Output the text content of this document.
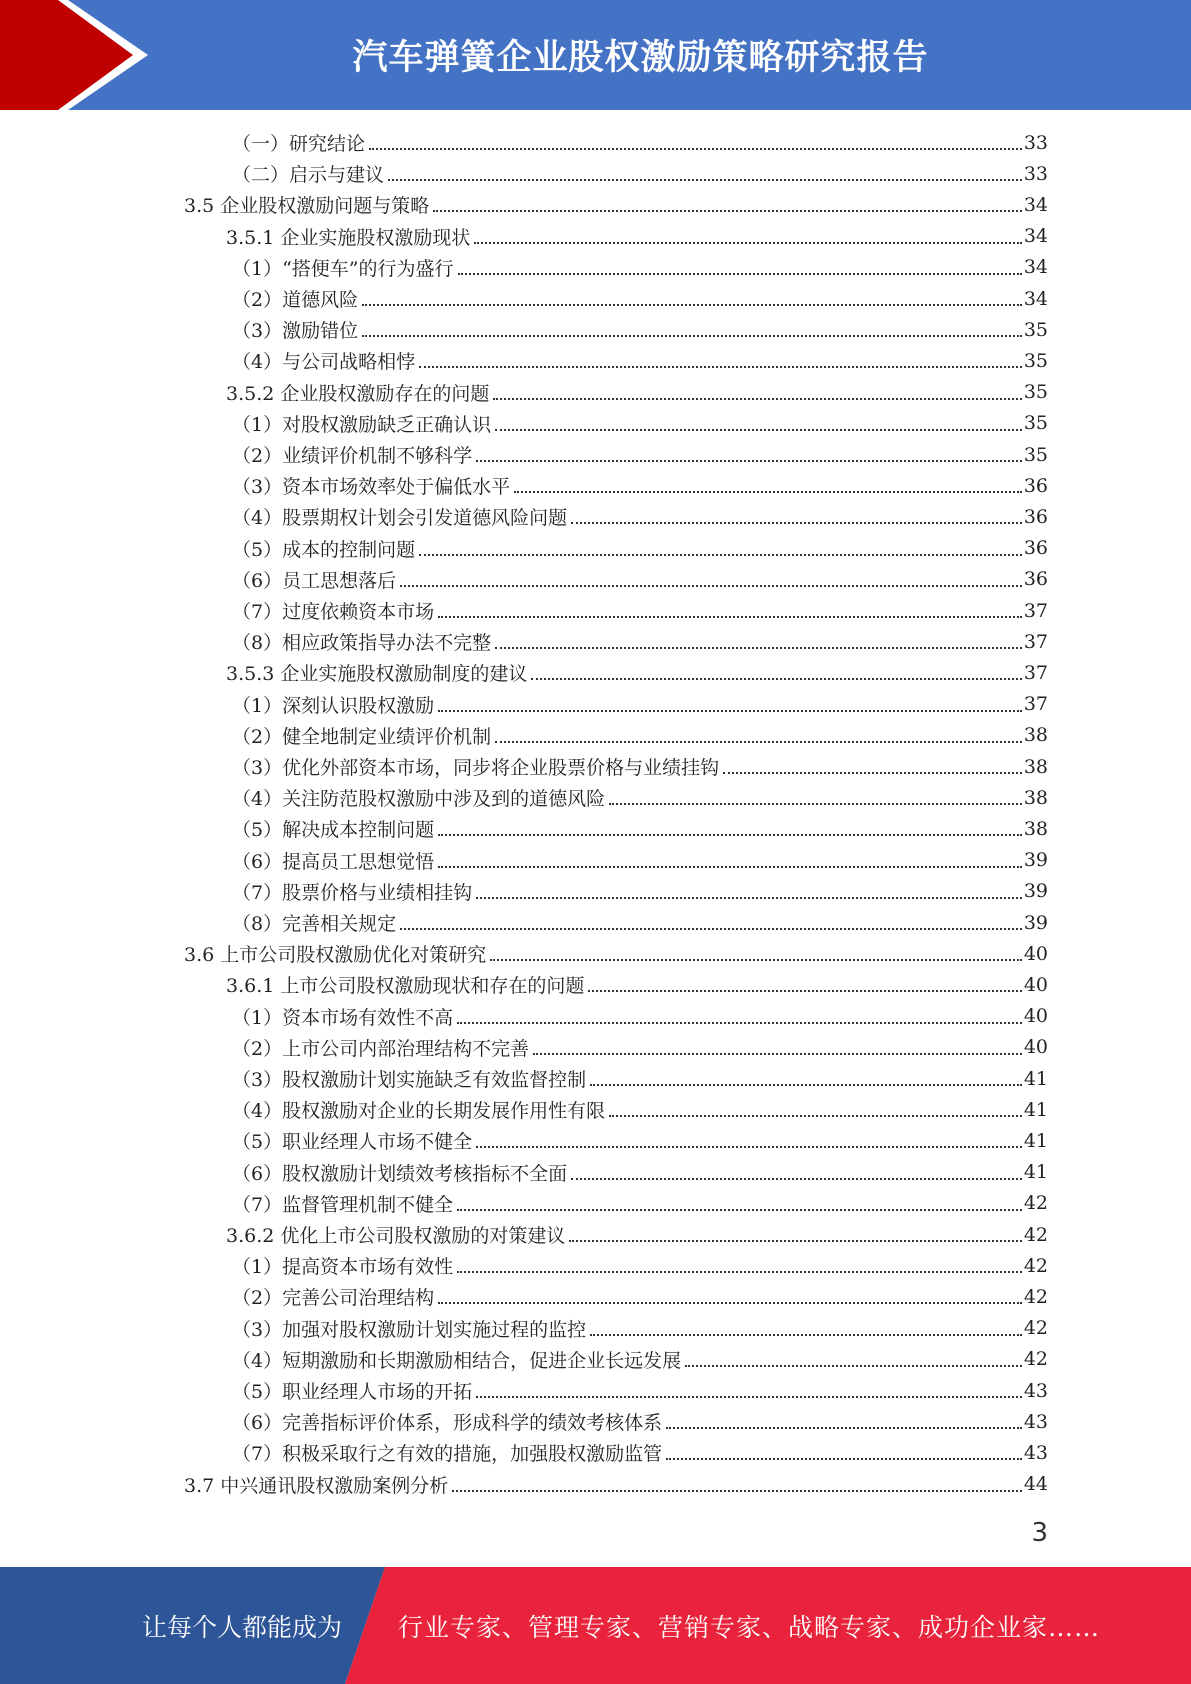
汽车弹簧企业股权激励策略研究报告
（一）研究结论	33
（二）启示与建议	33
3.5 企业股权激励问题与策略	34
3.5.1 企业实施股权激励现状	34
（1）“搭便车”的行为盛行	34
（2）道德风险	34
（3）激励错位	35
（4）与公司战略相悖	35
3.5.2 企业股权激励存在的问题	35
（1）对股权激励缺乏正确认识	35
（2）业绩评价机制不够科学	35
（3）资本市场效率处于偏低水平	36
（4）股票期权计划会引发道德风险问题	36
（5）成本的控制问题	36
（6）员工思想落后	36
（7）过度依赖资本市场	37
（8）相应政策指导办法不完整	37
3.5.3 企业实施股权激励制度的建议	37
（1）深刻认识股权激励	37
（2）健全地制定业绩评价机制	38
（3）优化外部资本市场，同步将企业股票价格与业绩挂钩	38
（4）关注防范股权激励中涉及到的道德风险	38
（5）解决成本控制问题	38
（6）提高员工思想觉悟	39
（7）股票价格与业绩相挂钩	39
（8）完善相关规定	39
3.6 上市公司股权激励优化对策研究	40
3.6.1 上市公司股权激励现状和存在的问题	40
（1）资本市场有效性不高	40
（2）上市公司内部治理结构不完善	40
（3）股权激励计划实施缺乏有效监督控制	41
（4）股权激励对企业的长期发展作用性有限	41
（5）职业经理人市场不健全	41
（6）股权激励计划绩效考核指标不全面	41
（7）监督管理机制不健全	42
3.6.2 优化上市公司股权激励的对策建议	42
（1）提高资本市场有效性	42
（2）完善公司治理结构	42
（3）加强对股权激励计划实施过程的监控	42
（4）短期激励和长期激励相结合，促进企业长远发展	42
（5）职业经理人市场的开拓	43
（6）完善指标评价体系，形成科学的绩效考核体系	43
（7）积极采取行之有效的措施，加强股权激励监管	43
3.7 中兴通讯股权激励案例分析	44
3
让每个人都能成为 行业专家、管理专家、营销专家、战略专家、成功企业家……
